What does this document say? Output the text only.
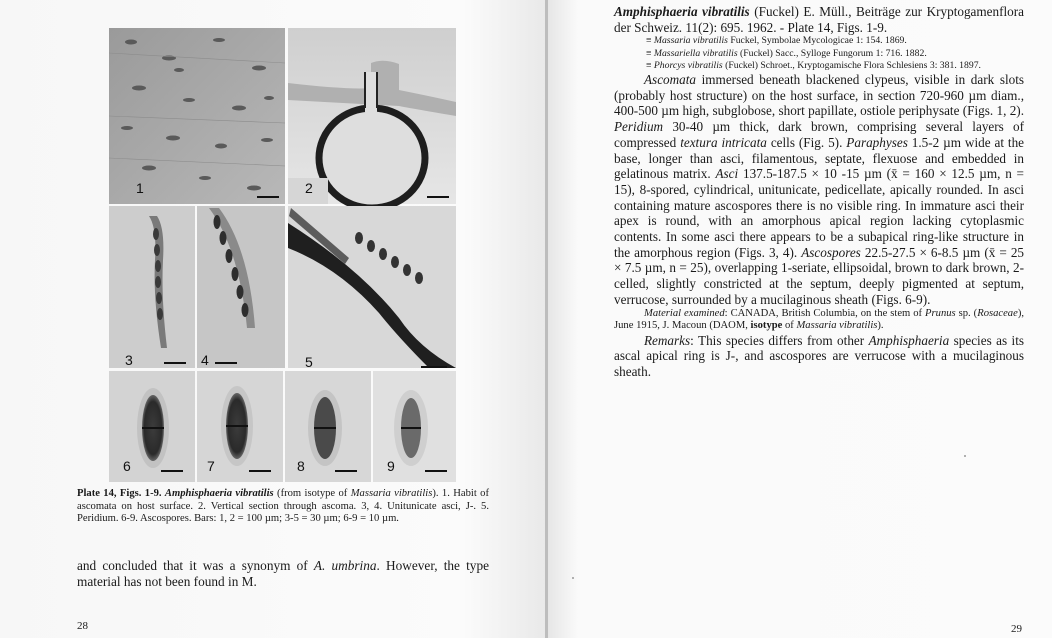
1	2
3	4	5
6	7	8	9
Plate 14, Figs. 1-9. Amphisphaeria vibratilis (from isotype of Massaria vibratilis). 1. Habit of ascomata on host surface. 2. Vertical section through ascoma. 3, 4. Unitunicate asci, J-. 5. Peridium. 6-9. Ascospores. Bars: 1, 2 = 100 µm; 3-5 = 30 µm; 6-9 = 10 µm.
and concluded that it was a synonym of A. umbrina. However, the type material has not been found in M.
28

Amphisphaeria vibratilis (Fuckel) E. Müll., Beiträge zur Kryptogamenflora der Schweiz. 11(2): 695. 1962. - Plate 14, Figs. 1-9.

≡ Massaria vibratilis Fuckel, Symbolae Mycologicae 1: 154. 1869.

≡ Massariella vibratilis (Fuckel) Sacc., Sylloge Fungorum 1: 716. 1882.

≡ Phorcys vibratilis (Fuckel) Schroet., Kryptogamische Flora Schlesiens 3: 381. 1897.

Ascomata immersed beneath blackened clypeus, visible in dark slots (probably host structure) on the host surface, in section 720-960 µm diam., 400-500 µm high, subglobose, short papillate, ostiole periphysate (Figs. 1, 2). Peridium 30-40 µm thick, dark brown, comprising several layers of compressed textura intricata cells (Fig. 5). Paraphyses 1.5-2 µm wide at the base, longer than asci, filamentous, septate, flexuose and embedded in gelatinous matrix. Asci 137.5-187.5 × 10 -15 µm (x̄ = 160 × 12.5 µm, n = 15), 8-spored, cylindrical, unitunicate, pedicellate, apically rounded. In asci containing mature ascospores there is no visible ring. In immature asci their apex is round, with an amorphous apical region lacking cytoplasmic contents. In some asci there appears to be a subapical ring-like structure in the amorphous region (Figs. 3, 4). Ascospores 22.5-27.5 × 6-8.5 µm (x̄ = 25 × 7.5 µm, n = 25), overlapping 1-seriate, ellipsoidal, brown to dark brown, 2-celled, slightly constricted at the septum, deeply pigmented at septum, verrucose, surrounded by a mucilaginous sheath (Figs. 6-9).

Material examined: CANADA, British Columbia, on the stem of Prunus sp. (Rosaceae), June 1915, J. Macoun (DAOM, isotype of Massaria vibratilis).

Remarks: This species differs from other Amphisphaeria species as its ascal apical ring is J-, and ascospores are verrucose with a mucilaginous sheath.

29
